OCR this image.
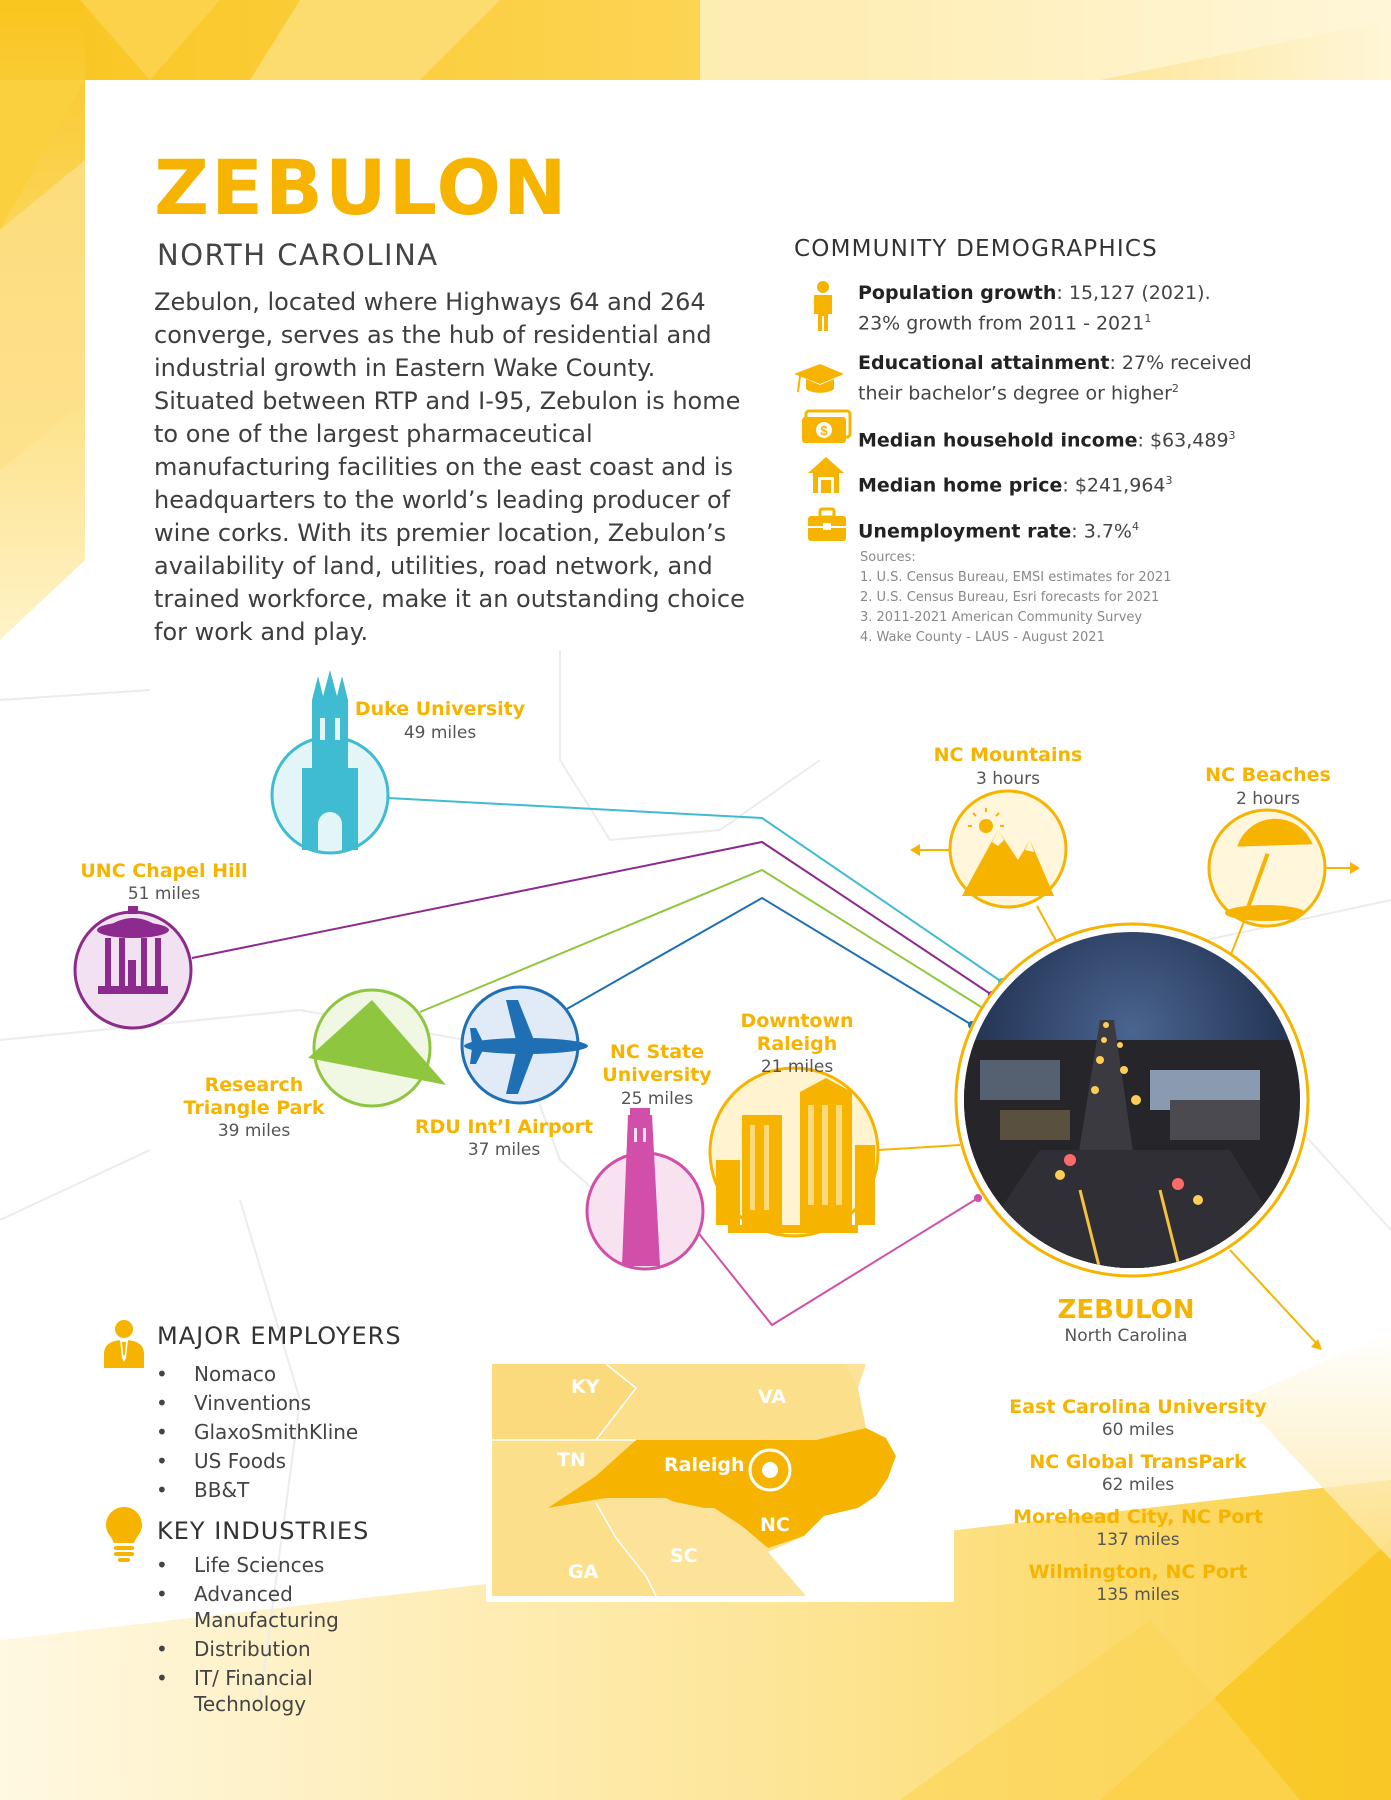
ZEBULON
NORTH CAROLINA
Zebulon, located where Highways 64 and 264 converge, serves as the hub of residential and industrial growth in Eastern Wake County. Situated between RTP and I-95, Zebulon is home to one of the largest pharmaceutical manufacturing facilities on the east coast and is headquarters to the world’s leading producer of wine corks. With its premier location, Zebulon’s availability of land, utilities, road network, and trained workforce, make it an outstanding choice for work and play.
COMMUNITY DEMOGRAPHICS
Population growth: 15,127 (2021).
23% growth from 2011 - 2021$^1$
Educational attainment: 27% received
their bachelor’s degree or higher$^2$
$ Median household income: $63,489$^3$
Median home price: $241,964$^3$
Unemployment rate: 3.7%$^4$
Sources:
1. U.S. Census Bureau, EMSI estimates for 2021
2. U.S. Census Bureau, Esri forecasts for 2021
3. 2011-2021 American Community Survey
4. Wake County - LAUS - August 2021
Duke University
49 miles
UNC Chapel Hill
51 miles
Research
Triangle Park
39 miles	RDU Int’l Airport
37 miles
NC State
University
25 miles
Downtown
Raleigh
21 miles
NC Mountains
3 hours	NC Beaches
2 hours
ZEBULON
North Carolina
MAJOR EMPLOYERS
• Nomaco
• Vinventions
• GlaxoSmithKline
• US Foods
• BB&T
KEY INDUSTRIES
• Life Sciences
• Advanced
Manufacturing
• Distribution
• IT/ Financial
Technology
KY	VA
TN	Raleigh
NC
SC
GA
East Carolina University
60 miles
NC Global TransPark
62 miles
Morehead City, NC Port
137 miles
Wilmington, NC Port
135 miles
